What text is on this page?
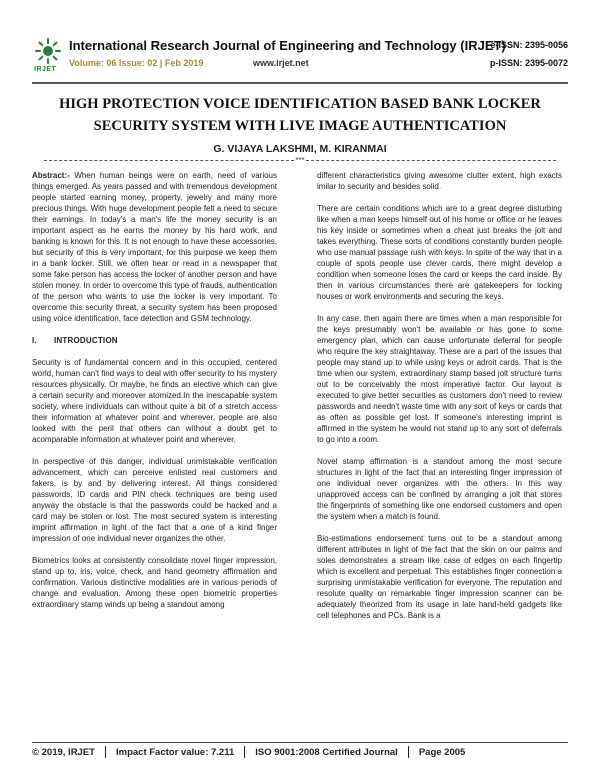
IRJET
International Research Journal of Engineering and Technology (IRJET)
Volume: 06 Issue: 02 | Feb 2019	www.irjet.net
e-ISSN: 2395-0056
p-ISSN: 2395-0072
HIGH PROTECTION VOICE IDENTIFICATION BASED BANK LOCKER
SECURITY SYSTEM WITH LIVE IMAGE AUTHENTICATION
G. VIJAYA LAKSHMI, M. KIRANMAI
***

Abstract:- When human beings were on earth, need of various things emerged. As years passed and with tremendous development people started earning money, property, jewelry and many more precious things. With huge development people felt a need to secure their earnings. In today's a man's life the money security is an important aspect as he earns the money by his hard work, and banking is known for this. It is not enough to have these accessories, but security of this is very important, for this purpose we keep them in a bank locker. Still, we often hear or read in a newspaper that some fake person has access the locker of another person and have stolen money. In order to overcome this type of frauds, authentication of the person who wants to use the locker is very important. To overcome this security threat, a security system has been proposed using voice identification, face detection and GSM technology.

I. INTRODUCTION

Security is of fundamental concern and in this occupied, centered world, human can't find ways to deal with offer security to his mystery resources physically. Or maybe, he finds an elective which can give a certain security and moreover atomized.In the inescapable system society, where individuals can without quite a bit of a stretch access their information at whatever point and wherever, people are also looked with the peril that others can without a doubt get to acomparable information at whatever point and wherever.

In perspective of this danger, individual unmistakable verification advancement, which can perceive enlisted real customers and fakers, is by and by delivering interest. All things considered passwords, ID cards and PIN check techniques are being used anyway the obstacle is that the passwords could be hacked and a card may be stolen or lost. The most secured system is interesting imprint affirmation in light of the fact that a one of a kind finger impression of one individual never organizes the other.

Biometrics looks at consistently consolidate novel finger impression, stand up to, iris, voice, check, and hand geometry affirmation and confirmation. Various distinctive modalities are in various periods of change and evaluation. Among these open biometric properties extraordinary stamp winds up being a standout among

different characteristics giving awesome clutter extent, high exacts imilar to security and besides solid.

There are certain conditions which are to a great degree disturbing like when a man keeps himself out of his home or office or he leaves his key inside or sometimes when a cheat just breaks the jolt and takes everything. These sorts of conditions constantly burden people who use manual passage rush with keys. In spite of the way that in a couple of spots people use clever cards, there might develop a condition when someone loses the card or keeps the card inside. By then in various circumstances there are gatekeepers for locking houses or work environments and securing the keys.

In any case, then again there are times when a man responsible for the keys presumably won't be available or has gone to some emergency plan, which can cause unfortunate deferral for people who require the key straightaway. These are a part of the issues that people may stand up to while using keys or adroit cards. That is the time when our system, extraordinary stamp based jolt structure turns out to be conceivably the most imperative factor. Our layout is executed to give better securities as customers don't need to review passwords and needn't waste time with any sort of keys or cards that as often as possible get lost. If someone's interesting imprint is affirmed in the system he would not stand up to any sort of deferrals to go into a room.

Novel stamp affirmation is a standout among the most secure structures in light of the fact that an interesting finger impression of one individual never organizes with the others. In this way unapproved access can be confined by arranging a jolt that stores the fingerprints of something like one endorsed customers and open the system when a match is found.

Bio-estimations endorsement turns out to be a standout among different attributes in light of the fact that the skin on our palms and soles demonstrates a stream like case of edges on each fingertip which is excellent and perpetual. This establishes finger connection a surprising unmistakable verification for everyone. The reputation and resolute quality on remarkable finger impression scanner can be adequately theorized from its usage in late hand-held gadgets like cell telephones and PCs. Bank is a

© 2019, IRJET Impact Factor value: 7.211 ISO 9001:2008 Certified Journal Page 2005
